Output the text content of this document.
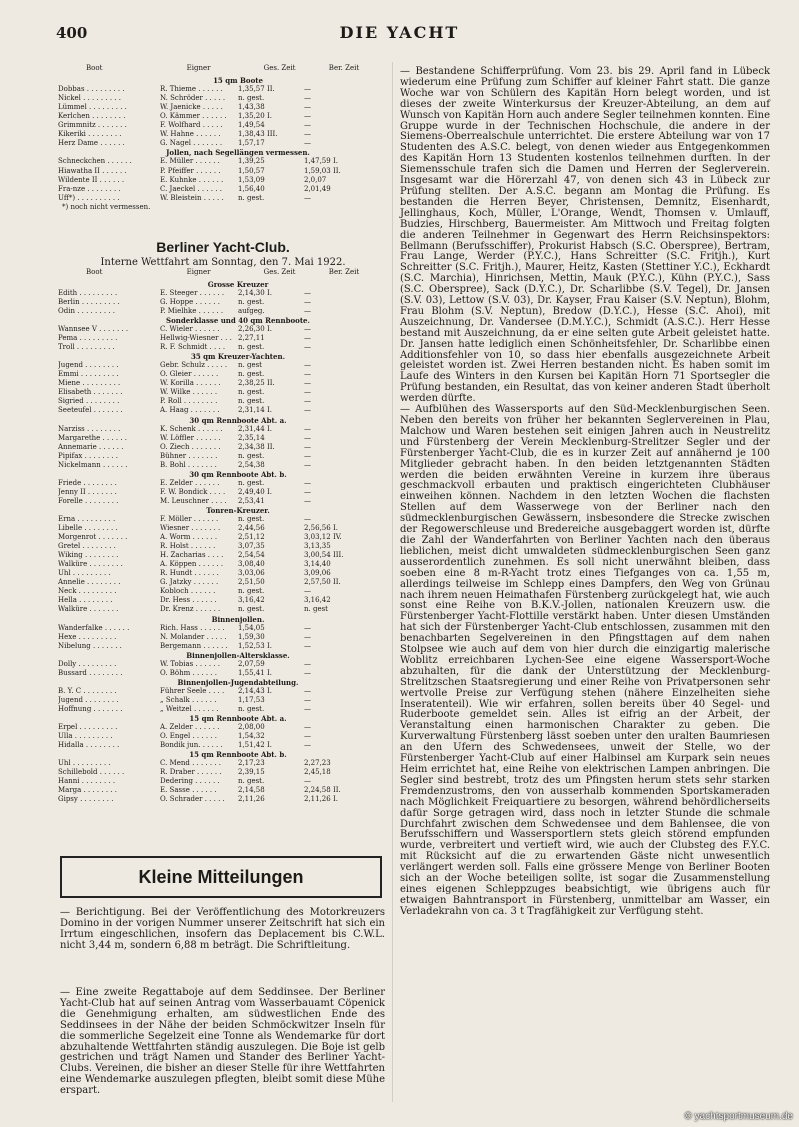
400	DIE YACHT
Boot	Eigner	Ges. Zeit	Ber. Zeit
15 qm Boote
Dobbas . . . . . . . . .	R. Thieme . . . . . .	1,35,57 II.	—
Nickel . . . . . . . . .	N. Schröder . . . . .	n. gest.	—
Lümmel . . . . . . . . .	W. Jaenicke . . . . .	1,43,38	—
Kerlchen . . . . . . . .	O. Kämmer . . . . . .	1,35,20 I.	—
Grimmnitz . . . . . . .	F. Wolfhard . . . . .	1,49,54	—
Kikeriki . . . . . . . .	W. Hahne . . . . . .	1,38,43 III.	—
Herz Dame . . . . . .	G. Nagel . . . . . . .	1,57,17	—
Jollen, nach Segellängen vermessen.
Schneckchen . . . . . .	E. Müller . . . . . .	1,39,25	1,47,59 I.
Hiawatha II . . . . . .	P. Pfeiffer . . . . . .	1,50,57	1,59,03 II.
Wildente II . . . . . .	E. Kuhnke . . . . . .	1,53,09	2,0,07
Fra-nze . . . . . . . .	C. Jaeckel . . . . . .	1,56,40	2,01,49
Uff*) . . . . . . . . . .	W. Bleistein . . . . .	n. gest.	—
*) noch nicht vermessen.
Berliner Yacht-Club.
Interne Wettfahrt am Sonntag, den 7. Mai 1922.
Boot	Eigner	Ges. Zeit	Ber. Zeit
Grosse Kreuzer
Edith . . . . . . . . .	E. Steeger . . . . . .	2,14,30 I.	—
Berlin . . . . . . . . .	G. Hoppe . . . . . .	n. gest.	—
Odin . . . . . . . . .	P. Mielhke . . . . . .	aufgeg.	—
Sonderklasse und 40 qm Rennboote.
Wannsee V . . . . . . .	C. Wieler . . . . . .	2,26,30 I.	—
Pema . . . . . . . . .	Hellwig-Wiesner . . . 2,27,11	—
Troll . . . . . . . . .	R. F. Schmidt . . . .	n. gest.	—
35 qm Kreuzer-Yachten.
Jugend . . . . . . . .	Gebr. Schulz . . . . .	n. gest	—
Emmi . . . . . . . . .	O. Gleier . . . . . .	n. gest.	—
Miene . . . . . . . . .	W. Korilla . . . . . .	2,38,25 II.	—
Elisabeth . . . . . . .	W. Wilke . . . . . .	n. gest.	—
Sigried . . . . . . . .	P. Roll . . . . . . . .	n. gest.	—
Seeteufel . . . . . . .	A. Haag . . . . . . .	2,31,14 I.	—
30 qm Rennboote Abt. a.
Narziss . . . . . . . .	K. Schenk . . . . . .	2,31,44 I.	—
Margarethe . . . . . .	W. Löffler . . . . . .	2,35,14	—
Annemarie . . . . . .	O. Ziech . . . . . . .	2,34,38 II.	—
Pipifax . . . . . . . .	Bühner . . . . . . .	n. gest.	—
Nickelmann . . . . . .	B. Bohl . . . . . . .	2,54,38	—
30 qm Rennboote Abt. b.
Friede . . . . . . . .	E. Zelder . . . . . .	n. gest.	—
Jenny II . . . . . . .	F. W. Bondick . . . .	2,49,40 I.	—
Forelle . . . . . . . .	M. Leuschner . . . .	2,53,41	—
Tonren-Kreuzer.
Erna . . . . . . . . .	F. Möller . . . . . .	n. gest.	—
Libelle . . . . . . . .	Wiesner . . . . . . .	2,44,56	2,56,56 I.
Morgenrot . . . . . . .	A. Worm . . . . . .	2,51,12	3,03,12 IV.
Gretel . . . . . . . .	R. Holst . . . . . .	3,07,35	3,13,35
Wiking . . . . . . . .	H. Zacharias . . . .	2,54,54	3,00,54 III.
Walküre . . . . . . . .	A. Köppen . . . . . .	3,08,40	3,14,40
Uhl . . . . . . . . .	R. Hundt . . . . . .	3,03,06	3,09,06
Annelie . . . . . . . .	G. Jatzky . . . . . .	2,51,50	2,57,50 II.
Neck . . . . . . . . .	Kobloch . . . . . .	n. gest.	—
Hella . . . . . . . .	Dr. Hess . . . . . .	3,16,42	3,16,42
Walküre . . . . . . .	Dr. Krenz . . . . . .	n. gest.	n. gest
Binnenjollen.
Wanderfalke . . . . . .	Rich. Hass . . . . . .	1,54,05	—
Hexe . . . . . . . . .	N. Molander . . . . .	1,59,30	—
Nibelung . . . . . . .	Bergemann . . . . . .	1,52,53 I.	—
Binnenjollen-Altersklasse.
Dolly . . . . . . . . .	W. Tobias . . . . . .	2,07,59	—
Bussard . . . . . . . .	O. Böhm . . . . . .	1,55,41 I.	—
Binnenjollen-Jugendabteilung.
B. Y. C . . . . . . . .	Führer Seele . . . .	2,14,43 I.	—
Jugend . . . . . . . .	„ Schalk . . . . . .	1,17,53	—
Hoffnung . . . . . . .	„ Weitzel . . . . . .	n. gest.	—
15 qm Rennboote Abt. a.
Erpel . . . . . . . . .	A. Zelder . . . . . .	2,08,00	—
Ulla . . . . . . . . .	O. Engel . . . . . .	1,54,32	—
Hidalla . . . . . . . .	Bondik jun. . . . . .	1,51,42 I.	—
15 qm Rennboote Abt. b.
Uhl . . . . . . . . .	C. Mend . . . . . . .	2,17,23	2,27,23
Schillebold . . . . . .	R. Draber . . . . . .	2,39,15	2,45,18
Hanni . . . . . . . .	Dedering . . . . . .	n. gest.	—
Marga . . . . . . . .	E. Sasse . . . . . .	2,14,58	2,24,58 II.
Gipsy . . . . . . . .	O. Schrader . . . . .	2,11,26	2,11,26 I.
Kleine Mitteilungen

— Berichtigung. Bei der Veröffentlichung des Motorkreuzers Domino in der vorigen Nummer unserer Zeitschrift hat sich ein Irrtum eingeschlichen, insofern das Deplacement bis C.W.L. nicht 3,44 m, sondern 6,88 m beträgt. Die Schriftleitung.

— Eine zweite Regattaboje auf dem Seddinsee. Der Berliner Yacht-Club hat auf seinen Antrag vom Wasserbauamt Cöpenick die Genehmigung erhalten, am südwestlichen Ende des Seddinsees in der Nähe der beiden Schmöckwitzer Inseln für die sommerliche Segelzeit eine Tonne als Wendemarke für dort abzuhaltende Wettfahrten ständig auszulegen. Die Boje ist gelb gestrichen und trägt Namen und Stander des Berliner Yacht-Clubs. Vereinen, die bisher an dieser Stelle für ihre Wettfahrten eine Wendemarke auszulegen pflegten, bleibt somit diese Mühe erspart.

— Bestandene Schifferprüfung. Vom 23. bis 29. April fand in Lübeck wiederum eine Prüfung zum Schiffer auf kleiner Fahrt statt. Die ganze Woche war von Schülern des Kapitän Horn belegt worden, und ist dieses der zweite Winterkursus der Kreuzer-Abteilung, an dem auf Wunsch von Kapitän Horn auch andere Segler teilnehmen konnten. Eine Gruppe wurde in der Technischen Hochschule, die andere in der Siemens-Oberrealschule unterrichtet. Die erstere Abteilung war von 17 Studenten des A.S.C. belegt, von denen wieder aus Entgegenkommen des Kapitän Horn 13 Studenten kostenlos teilnehmen durften. In der Siemensschule trafen sich die Damen und Herren der Seglerverein. Insgesamt war die Hörerzahl 47, von denen sich 43 in Lübeck zur Prüfung stellten. Der A.S.C. begann am Montag die Prüfung. Es bestanden die Herren Beyer, Christensen, Demnitz, Eisenhardt, Jellinghaus, Koch, Müller, L'Orange, Wendt, Thomsen v. Umlauff, Budzies, Hirschberg, Bauermeister. Am Mittwoch und Freitag folgten die anderen Teilnehmer in Gegenwart des Herrn Reichsinspektors: Bellmann (Berufsschiffer), Prokurist Habsch (S.C. Oberspree), Bertram, Frau Lange, Werder (P.Y.C.), Hans Schreitter (S.C. Fritjh.), Kurt Schreitter (S.C. Fritjh.), Maurer, Heitz, Kasten (Stettiner Y.C.), Eckhardt (S.C. Marchia), Hinrichsen, Mettin, Mauk (P.Y.C.), Kühn (P.Y.C.), Sass (S.C. Oberspree), Sack (D.Y.C.), Dr. Scharlibbe (S.V. Tegel), Dr. Jansen (S.V. 03), Lettow (S.V. 03), Dr. Kayser, Frau Kaiser (S.V. Neptun), Blohm, Frau Blohm (S.V. Neptun), Bredow (D.Y.C.), Hesse (S.C. Ahoi), mit Auszeichnung, Dr. Vandersee (D.M.Y.C.), Schmidt (A.S.C.). Herr Hesse bestand mit Auszeichnung, da er eine selten gute Arbeit geleistet hatte. Dr. Jansen hatte lediglich einen Schönheitsfehler, Dr. Scharlibbe einen Additionsfehler von 10, so dass hier ebenfalls ausgezeichnete Arbeit geleistet worden ist. Zwei Herren bestanden nicht. Es haben somit im Laufe des Winters in den Kursen bei Kapitän Horn 71 Sportsegler die Prüfung bestanden, ein Resultat, das von keiner anderen Stadt überholt werden dürfte.

— Aufblühen des Wassersports auf den Süd-Mecklenburgischen Seen. Neben den bereits von früher her bekannten Seglervereinen in Plau, Malchow und Waren bestehen seit einigen Jahren auch in Neustrelitz und Fürstenberg der Verein Mecklenburg-Strelitzer Segler und der Fürstenberger Yacht-Club, die es in kurzer Zeit auf annähernd je 100 Mitglieder gebracht haben. In den beiden letztgenannten Städten werden die beiden erwähnten Vereine in kurzem ihre überaus geschmackvoll erbauten und praktisch eingerichteten Clubhäuser einweihen können. Nachdem in den letzten Wochen die flachsten Stellen auf dem Wasserwege von der Berliner nach den südmecklenburgischen Gewässern, insbesondere die Strecke zwischen der Regowerschleuse und Bredereiche ausgebaggert worden ist, dürfte die Zahl der Wanderfahrten von Berliner Yachten nach den überaus lieblichen, meist dicht umwaldeten südmecklenburgischen Seen ganz ausserordentlich zunehmen. Es soll nicht unerwähnt bleiben, dass soeben eine 8 m-R-Yacht trotz eines Tiefganges von ca. 1,55 m, allerdings teilweise im Schlepp eines Dampfers, den Weg von Grünau nach ihrem neuen Heimathafen Fürstenberg zurückgelegt hat, wie auch sonst eine Reihe von B.K.V.-Jollen, nationalen Kreuzern usw. die Fürstenberger Yacht-Flottille verstärkt haben. Unter diesen Umständen hat sich der Fürstenberger Yacht-Club entschlossen, zusammen mit den benachbarten Segelvereinen in den Pfingsttagen auf dem nahen Stolpsee wie auch auf dem von hier durch die einzigartig malerische Woblitz erreichbaren Lychen-See eine eigene Wassersport-Woche abzuhalten, für die dank der Unterstützung der Mecklenburg-Strelitzschen Staatsregierung und einer Reihe von Privatpersonen sehr wertvolle Preise zur Verfügung stehen (nähere Einzelheiten siehe Inseratenteil). Wie wir erfahren, sollen bereits über 40 Segel- und Ruderboote gemeldet sein. Alles ist eifrig an der Arbeit, der Veranstaltung einen harmonischen Charakter zu geben. Die Kurverwaltung Fürstenberg lässt soeben unter den uralten Baumriesen an den Ufern des Schwedensees, unweit der Stelle, wo der Fürstenberger Yacht-Club auf einer Halbinsel am Kurpark sein neues Heim errichtet hat, eine Reihe von elektrischen Lampen anbringen. Die Segler sind bestrebt, trotz des um Pfingsten herum stets sehr starken Fremdenzustroms, den von ausserhalb kommenden Sportskameraden nach Möglichkeit Freiquartiere zu besorgen, während behördlicherseits dafür Sorge getragen wird, dass noch in letzter Stunde die schmale Durchfahrt zwischen dem Schwedensee und dem Bahlensee, die von Berufsschiffern und Wassersportlern stets gleich störend empfunden wurde, verbreitert und vertieft wird, wie auch der Clubsteg des F.Y.C. mit Rücksicht auf die zu erwartenden Gäste nicht unwesentlich verlängert werden soll. Falls eine grössere Menge von Berliner Booten sich an der Woche beteiligen sollte, ist sogar die Zusammenstellung eines eigenen Schleppzuges beabsichtigt, wie übrigens auch für etwaigen Bahntransport in Fürstenberg, unmittelbar am Wasser, ein Verladekrahn von ca. 3 t Tragfähigkeit zur Verfügung steht.

© yachtsportmuseum.de
